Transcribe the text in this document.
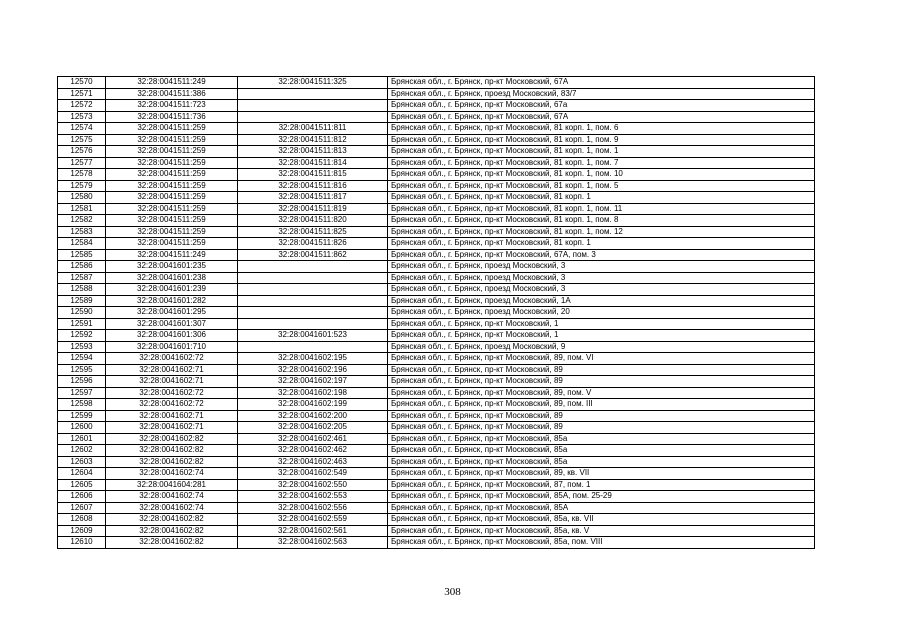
12570	32:28:0041511:249	32:28:0041511:325	Брянская обл., г. Брянск, пр-кт Московский, 67А
12571	32:28:0041511:386		Брянская обл., г. Брянск, проезд Московский, 83/7
12572	32:28:0041511:723		Брянская обл., г. Брянск, пр-кт Московский, 67а
12573	32:28:0041511:736		Брянская обл., г. Брянск, пр-кт Московский, 67А
12574	32:28:0041511:259	32:28:0041511:811	Брянская обл., г. Брянск, пр-кт Московский, 81 корп. 1, пом. 6
12575	32:28:0041511:259	32:28:0041511:812	Брянская обл., г. Брянск, пр-кт Московский, 81 корп. 1, пом. 9
12576	32:28:0041511:259	32:28:0041511:813	Брянская обл., г. Брянск, пр-кт Московский, 81 корп. 1, пом. 1
12577	32:28:0041511:259	32:28:0041511:814	Брянская обл., г. Брянск, пр-кт Московский, 81 корп. 1, пом. 7
12578	32:28:0041511:259	32:28:0041511:815	Брянская обл., г. Брянск, пр-кт Московский, 81 корп. 1, пом. 10
12579	32:28:0041511:259	32:28:0041511:816	Брянская обл., г. Брянск, пр-кт Московский, 81 корп. 1, пом. 5
12580	32:28:0041511:259	32:28:0041511:817	Брянская обл., г. Брянск, пр-кт Московский, 81 корп. 1
12581	32:28:0041511:259	32:28:0041511:819	Брянская обл., г. Брянск, пр-кт Московский, 81 корп. 1, пом. 11
12582	32:28:0041511:259	32:28:0041511:820	Брянская обл., г. Брянск, пр-кт Московский, 81 корп. 1, пом. 8
12583	32:28:0041511:259	32:28:0041511:825	Брянская обл., г. Брянск, пр-кт Московский, 81 корп. 1, пом. 12
12584	32:28:0041511:259	32:28:0041511:826	Брянская обл., г. Брянск, пр-кт Московский, 81 корп. 1
12585	32:28:0041511:249	32:28:0041511:862	Брянская обл., г. Брянск, пр-кт Московский, 67А, пом. 3
12586	32:28:0041601:235		Брянская обл., г. Брянск, проезд Московский, 3
12587	32:28:0041601:238		Брянская обл., г. Брянск, проезд Московский, 3
12588	32:28:0041601:239		Брянская обл., г. Брянск, проезд Московский, 3
12589	32:28:0041601:282		Брянская обл., г. Брянск, проезд Московский, 1А
12590	32:28:0041601:295		Брянская обл., г. Брянск, проезд Московский, 20
12591	32:28:0041601:307		Брянская обл., г. Брянск, пр-кт Московский, 1
12592	32:28:0041601:306	32:28:0041601:523	Брянская обл., г. Брянск, пр-кт Московский, 1
12593	32:28:0041601:710		Брянская обл., г. Брянск, проезд Московский, 9
12594	32:28:0041602:72	32:28:0041602:195	Брянская обл., г. Брянск, пр-кт Московский, 89, пом. VI
12595	32:28:0041602:71	32:28:0041602:196	Брянская обл., г. Брянск, пр-кт Московский, 89
12596	32:28:0041602:71	32:28:0041602:197	Брянская обл., г. Брянск, пр-кт Московский, 89
12597	32:28:0041602:72	32:28:0041602:198	Брянская обл., г. Брянск, пр-кт Московский, 89, пом. V
12598	32:28:0041602:72	32:28:0041602:199	Брянская обл., г. Брянск, пр-кт Московский, 89, пом. III
12599	32:28:0041602:71	32:28:0041602:200	Брянская обл., г. Брянск, пр-кт Московский, 89
12600	32:28:0041602:71	32:28:0041602:205	Брянская обл., г. Брянск, пр-кт Московский, 89
12601	32:28:0041602:82	32:28:0041602:461	Брянская обл., г. Брянск, пр-кт Московский, 85а
12602	32:28:0041602:82	32:28:0041602:462	Брянская обл., г. Брянск, пр-кт Московский, 85а
12603	32:28:0041602:82	32:28:0041602:463	Брянская обл., г. Брянск, пр-кт Московский, 85а
12604	32:28:0041602:74	32:28:0041602:549	Брянская обл., г. Брянск, пр-кт Московский, 89, кв. VII
12605	32:28:0041604:281	32:28:0041602:550	Брянская обл., г. Брянск, пр-кт Московский, 87, пом. 1
12606	32:28:0041602:74	32:28:0041602:553	Брянская обл., г. Брянск, пр-кт Московский, 85А, пом. 25-29
12607	32:28:0041602:74	32:28:0041602:556	Брянская обл., г. Брянск, пр-кт Московский, 85А
12608	32:28:0041602:82	32:28:0041602:559	Брянская обл., г. Брянск, пр-кт Московский, 85а, кв. VII
12609	32:28:0041602:82	32:28:0041602:561	Брянская обл., г. Брянск, пр-кт Московский, 85а, кв. V
12610	32:28:0041602:82	32:28:0041602:563	Брянская обл., г. Брянск, пр-кт Московский, 85а, пом. VIII
308
